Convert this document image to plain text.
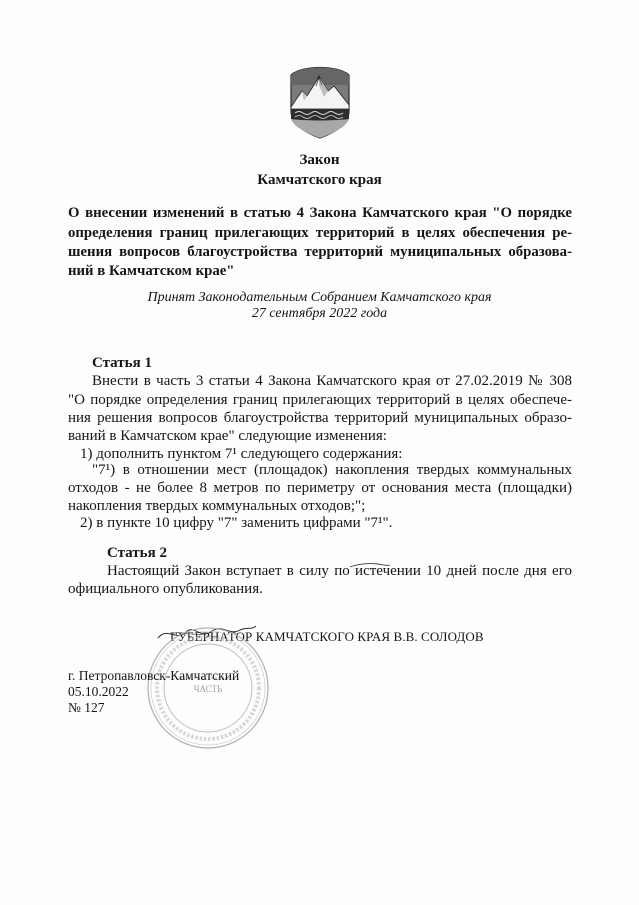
Закон
Камчатского края
О внесении изменений в статью 4 Закона Камчатского края "О порядке
определения границ прилегающих территорий в целях обеспечения ре-
шения вопросов благоустройства территорий муниципальных образова-
ний в Камчатском крае"
Принят Законодательным Собранием Камчатского края
27 сентября 2022 года
Статья 1
Внести в часть 3 статьи 4 Закона Камчатского края от 27.02.2019 № 308
"О порядке определения границ прилегающих территорий в целях обеспече-
ния решения вопросов благоустройства территорий муниципальных образо-
ваний в Камчатском крае" следующие изменения:
1) дополнить пунктом 7¹ следующего содержания:
"7¹) в отношении мест (площадок) накопления твердых коммунальных
отходов - не более 8 метров по периметру от основания места (площадки)
накопления твердых коммунальных отходов;";
2) в пункте 10 цифру "7" заменить цифрами "7¹".
Статья 2
Настоящий Закон вступает в силу по истечении 10 дней после дня его
официального опубликования.
ГУБЕРНАТОР КАМЧАТСКОГО КРАЯ В.В. СОЛОДОВ
ЧАСТЬ
г. Петропавловск-Камчатский
05.10.2022
№ 127
